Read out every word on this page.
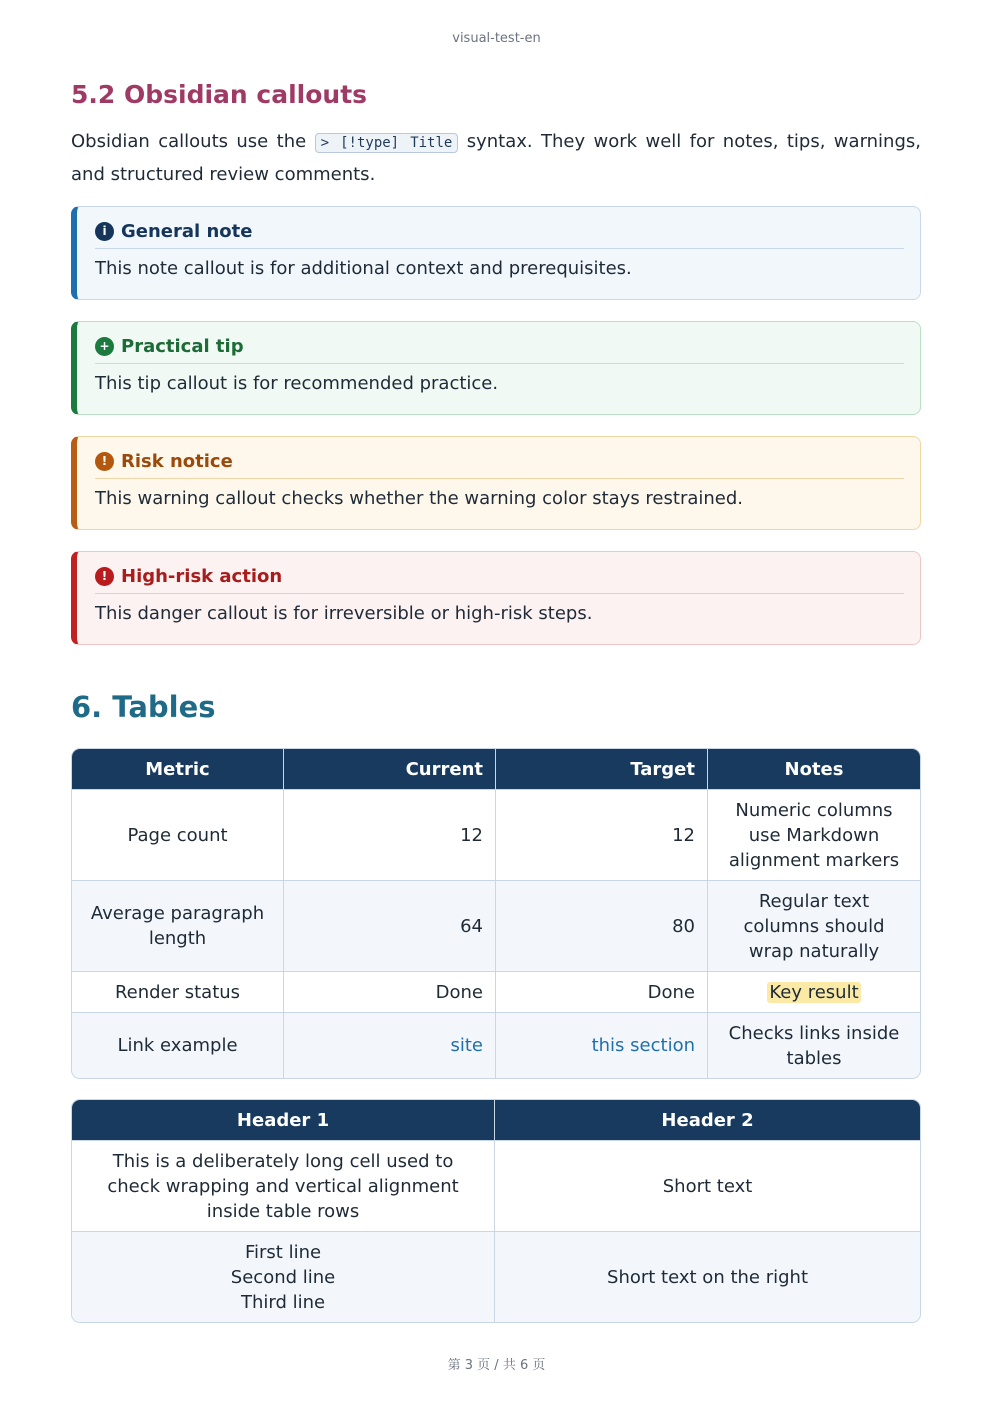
visual-test-en
5.2 Obsidian callouts

Obsidian callouts use the > [!type] Title syntax. They work well for notes, tips, warnings, and structured review comments.

i General note
This note callout is for additional context and prerequisites.
+ Practical tip
This tip callout is for recommended practice.
! Risk notice
This warning callout checks whether the warning color stays restrained.
! High-risk action
This danger callout is for irreversible or high-risk steps.
6. Tables
Metric	Current	Target	Notes
Page count	12	12	Numeric columns use Markdown alignment markers
Average paragraph length	64	80	Regular text columns should wrap naturally
Render status	Done	Done	Key result
Link example	site	this section	Checks links inside tables
Header 1	Header 2
This is a deliberately long cell used to check wrapping and vertical alignment inside table rows	Short text

First line
Second line
Third line	Short text on the right
第 3 页 / 共 6 页
